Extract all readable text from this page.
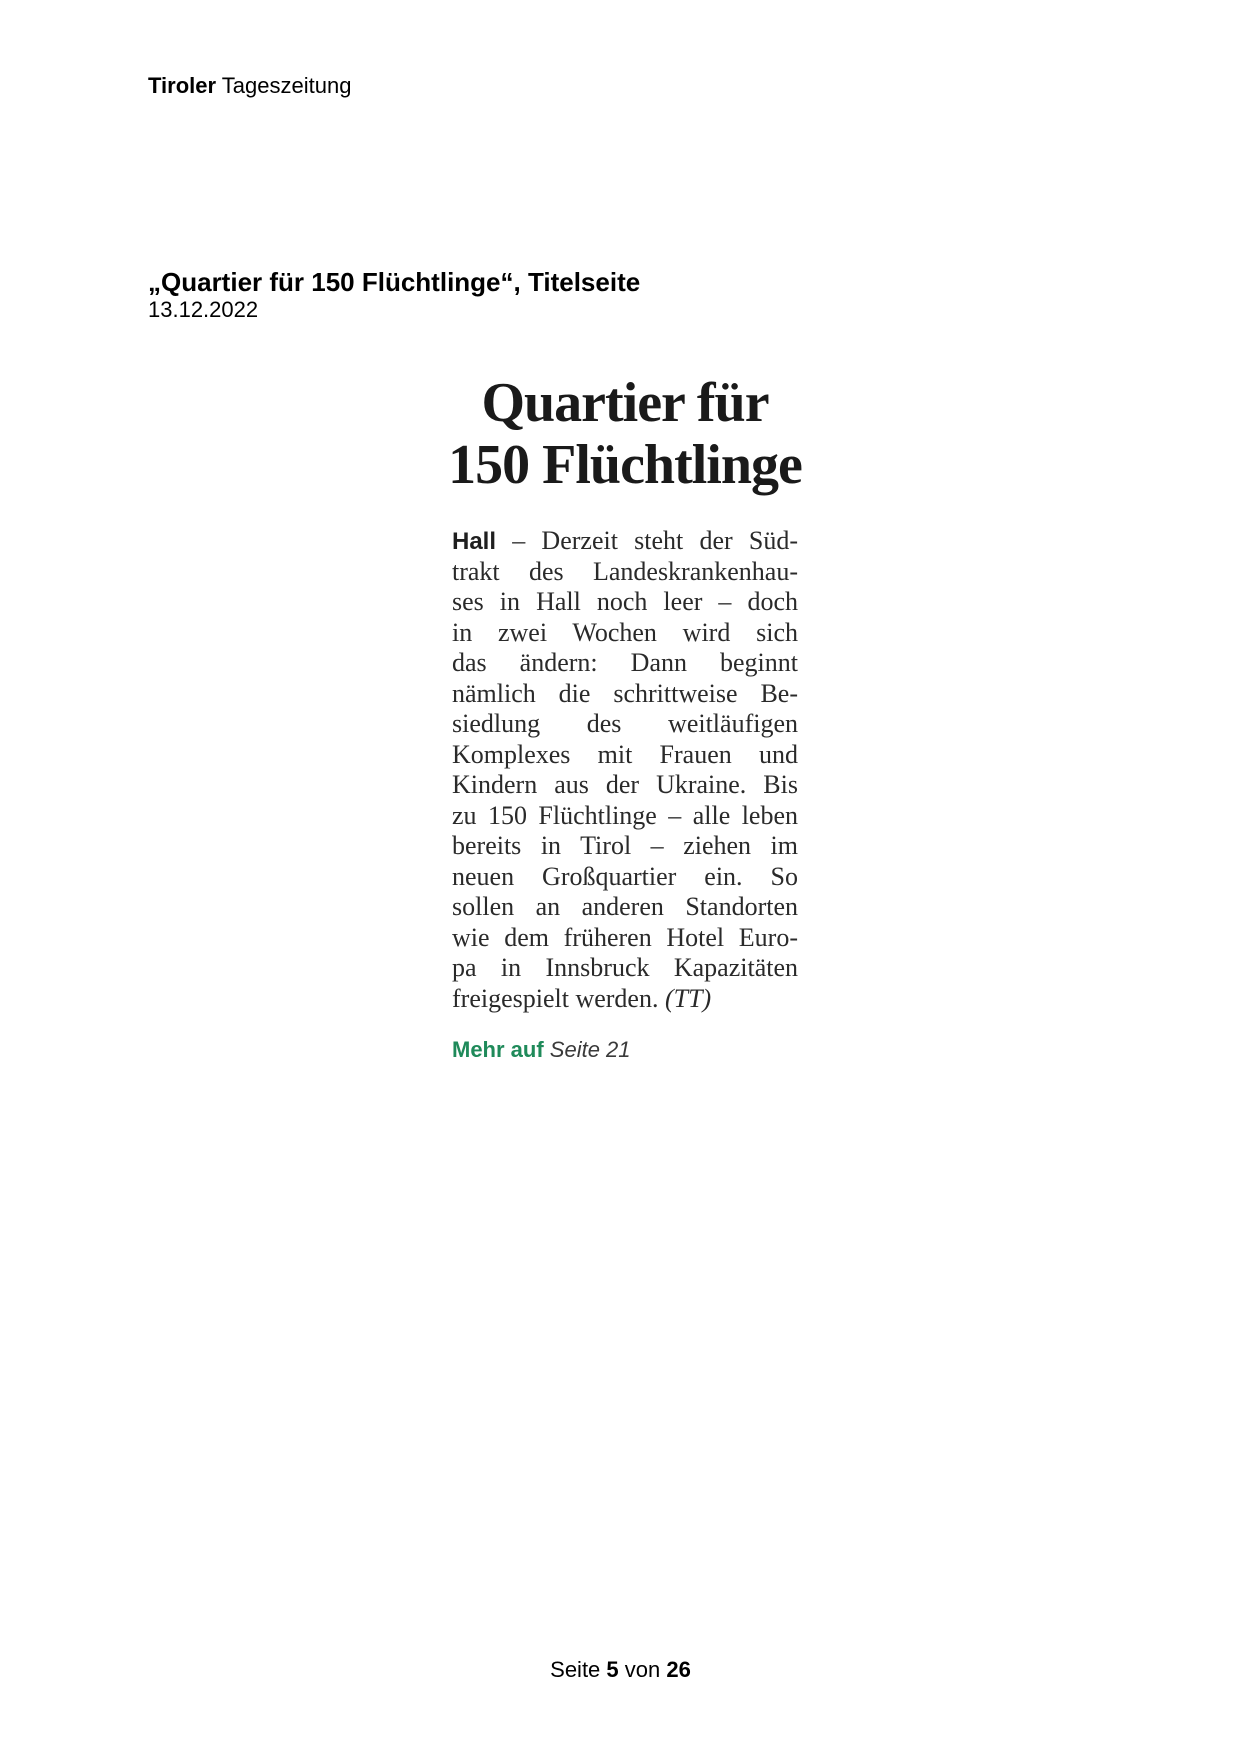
Tiroler Tageszeitung
„Quartier für 150 Flüchtlinge“, Titelseite
13.12.2022
Quartier für
150 Flüchtlinge
Hall – Derzeit steht der Süd-
trakt des Landeskrankenhau-
ses in Hall noch leer – doch
in zwei Wochen wird sich
das ändern: Dann beginnt
nämlich die schrittweise Be-
siedlung des weitläufigen
Komplexes mit Frauen und
Kindern aus der Ukraine. Bis
zu 150 Flüchtlinge – alle leben
bereits in Tirol – ziehen im
neuen Großquartier ein. So
sollen an anderen Standorten
wie dem früheren Hotel Euro-
pa in Innsbruck Kapazitäten
freigespielt werden. (TT)
Mehr auf Seite 21
Seite 5 von 26
